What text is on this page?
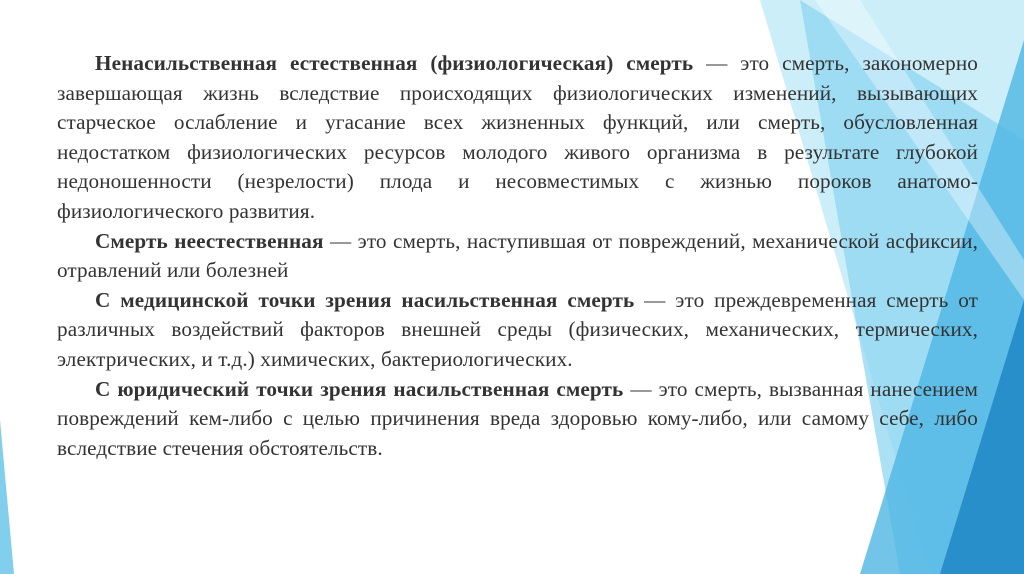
Ненасильственная естественная (физиологическая) смерть — это смерть, закономерно завершающая жизнь вследствие происходящих физиологических изменений, вызывающих старческое ослабление и угасание всех жизненных функций, или смерть, обусловленная недостатком физиологических ресурсов молодого живого организма в результате глубокой недоношенности (незрелости) плода и несовместимых с жизнью пороков анатомо-физиологического развития.

Смерть неестественная — это смерть, наступившая от повреждений, механической асфиксии, отравлений или болезней

С медицинской точки зрения насильственная смерть — это преждевременная смерть от различных воздействий факторов внешней среды (физических, механических, термических, электрических, и т.д.) химических, бактериологических.

С юридический точки зрения насильственная смерть — это смерть, вызванная нанесением повреждений кем-либо с целью причинения вреда здоровью кому-либо, или самому себе, либо вследствие стечения обстоятельств.
